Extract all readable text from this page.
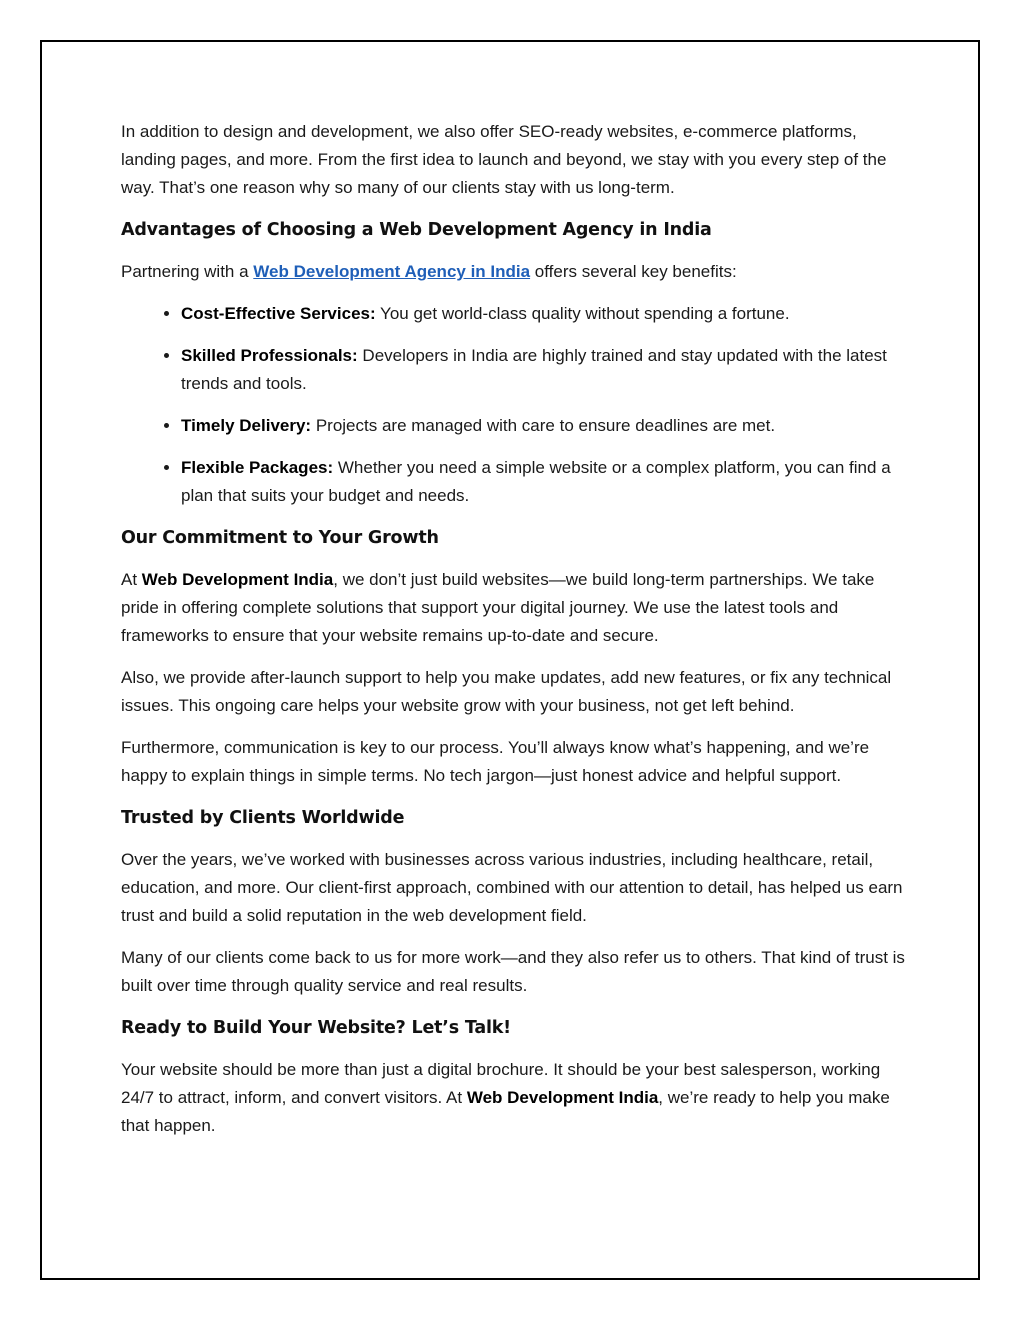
In addition to design and development, we also offer SEO-ready websites, e-commerce platforms, landing pages, and more. From the first idea to launch and beyond, we stay with you every step of the way. That’s one reason why so many of our clients stay with us long-term.

Advantages of Choosing a Web Development Agency in India

Partnering with a Web Development Agency in India offers several key benefits:

• Cost-Effective Services: You get world-class quality without spending a fortune.
• Skilled Professionals: Developers in India are highly trained and stay updated with the latest trends and tools.
• Timely Delivery: Projects are managed with care to ensure deadlines are met.
• Flexible Packages: Whether you need a simple website or a complex platform, you can find a plan that suits your budget and needs.
Our Commitment to Your Growth

At Web Development India, we don’t just build websites—we build long-term partnerships. We take pride in offering complete solutions that support your digital journey. We use the latest tools and frameworks to ensure that your website remains up-to-date and secure.

Also, we provide after-launch support to help you make updates, add new features, or fix any technical issues. This ongoing care helps your website grow with your business, not get left behind.

Furthermore, communication is key to our process. You’ll always know what’s happening, and we’re happy to explain things in simple terms. No tech jargon—just honest advice and helpful support.

Trusted by Clients Worldwide

Over the years, we’ve worked with businesses across various industries, including healthcare, retail, education, and more. Our client-first approach, combined with our attention to detail, has helped us earn trust and build a solid reputation in the web development field.

Many of our clients come back to us for more work—and they also refer us to others. That kind of trust is built over time through quality service and real results.

Ready to Build Your Website? Let’s Talk!

Your website should be more than just a digital brochure. It should be your best salesperson, working 24/7 to attract, inform, and convert visitors. At Web Development India, we’re ready to help you make that happen.
